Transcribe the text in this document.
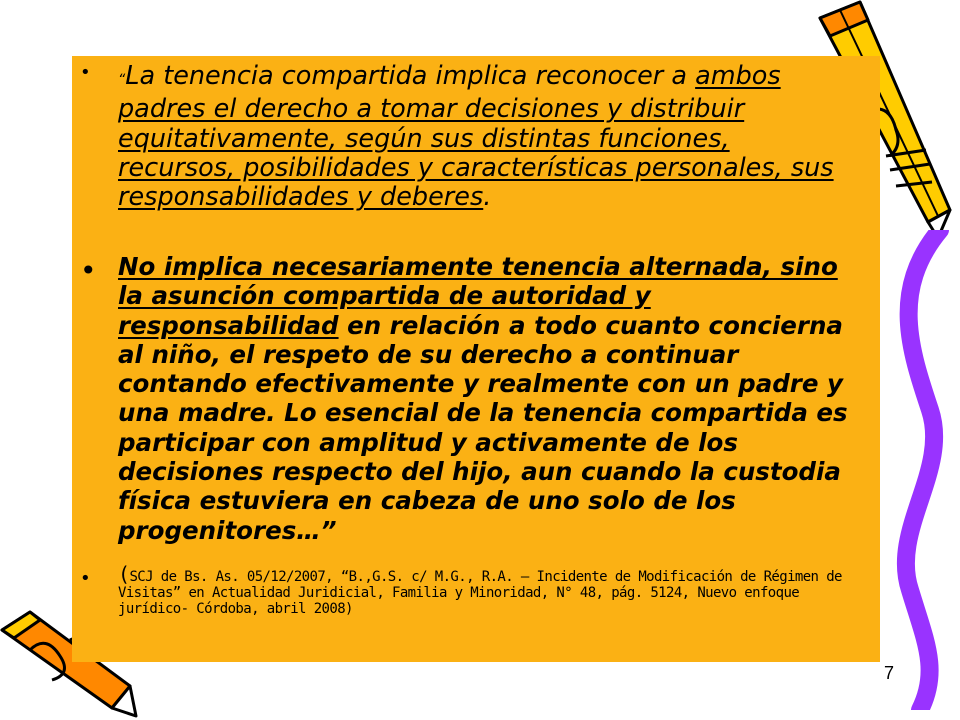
• “La tenencia compartida implica reconocer a ambos padres el derecho a tomar decisiones y distribuir equitativamente, según sus distintas funciones, recursos, posibilidades y características personales, sus responsabilidades y deberes.
• No implica necesariamente tenencia alternada, sino la asunción compartida de autoridad y responsabilidad en relación a todo cuanto concierna al niño, el respeto de su derecho a continuar contando efectivamente y realmente con un padre y una madre. Lo esencial de la tenencia compartida es participar con amplitud y activamente de los decisiones respecto del hijo, aun cuando la custodia física estuviera en cabeza de uno solo de los progenitores…”
• (SCJ de Bs. As. 05/12/2007, “B.,G.S. c/ M.G., R.A. – Incidente de Modificación de Régimen de Visitas” en Actualidad Juridicial, Familia y Minoridad, N° 48, pág. 5124, Nuevo enfoque jurídico- Córdoba, abril 2008)
7
